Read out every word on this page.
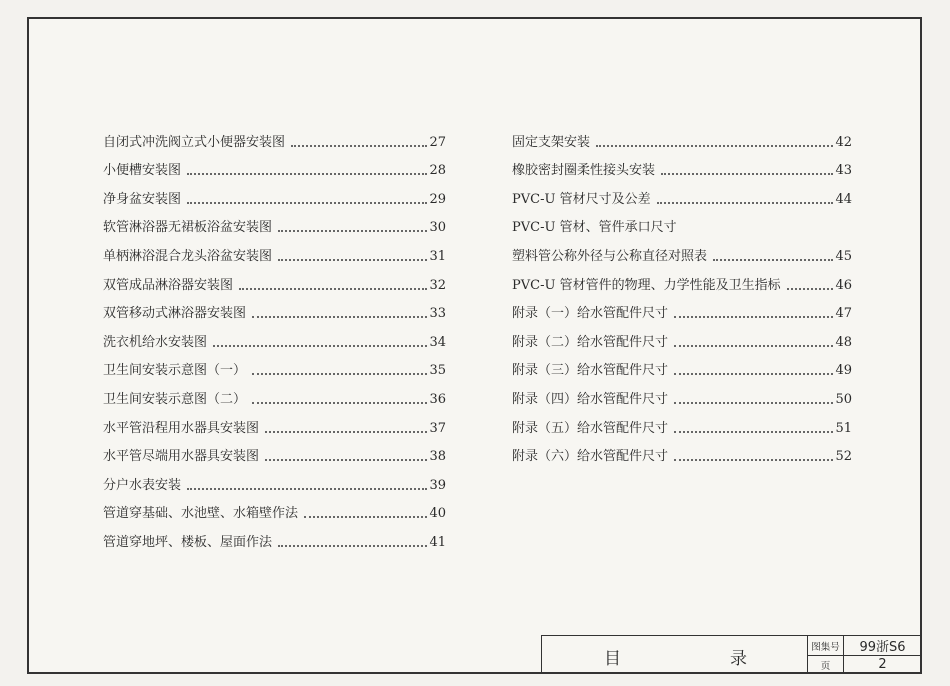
自闭式冲洗阀立式小便器安装图	27
小便槽安装图	28
净身盆安装图	29
软管淋浴器无裙板浴盆安装图	30
单柄淋浴混合龙头浴盆安装图	31
双管成品淋浴器安装图	32
双管移动式淋浴器安装图	33
洗衣机给水安装图	34
卫生间安装示意图（一）	35
卫生间安装示意图（二）	36
水平管沿程用水器具安装图	37
水平管尽端用水器具安装图	38
分户水表安装	39
管道穿基础、水池壁、水箱壁作法	40
管道穿地坪、楼板、屋面作法	41
固定支架安装	42
橡胶密封圈柔性接头安装	43
PVC-U 管材尺寸及公差	44
PVC-U 管材、管件承口尺寸
塑料管公称外径与公称直径对照表	45
PVC-U 管材管件的物理、力学性能及卫生指标	46
附录（一）给水管配件尺寸	47
附录（二）给水管配件尺寸	48
附录（三）给水管配件尺寸	49
附录（四）给水管配件尺寸	50
附录（五）给水管配件尺寸	51
附录（六）给水管配件尺寸	52
目	录
图集号	99浙S6
页	2
